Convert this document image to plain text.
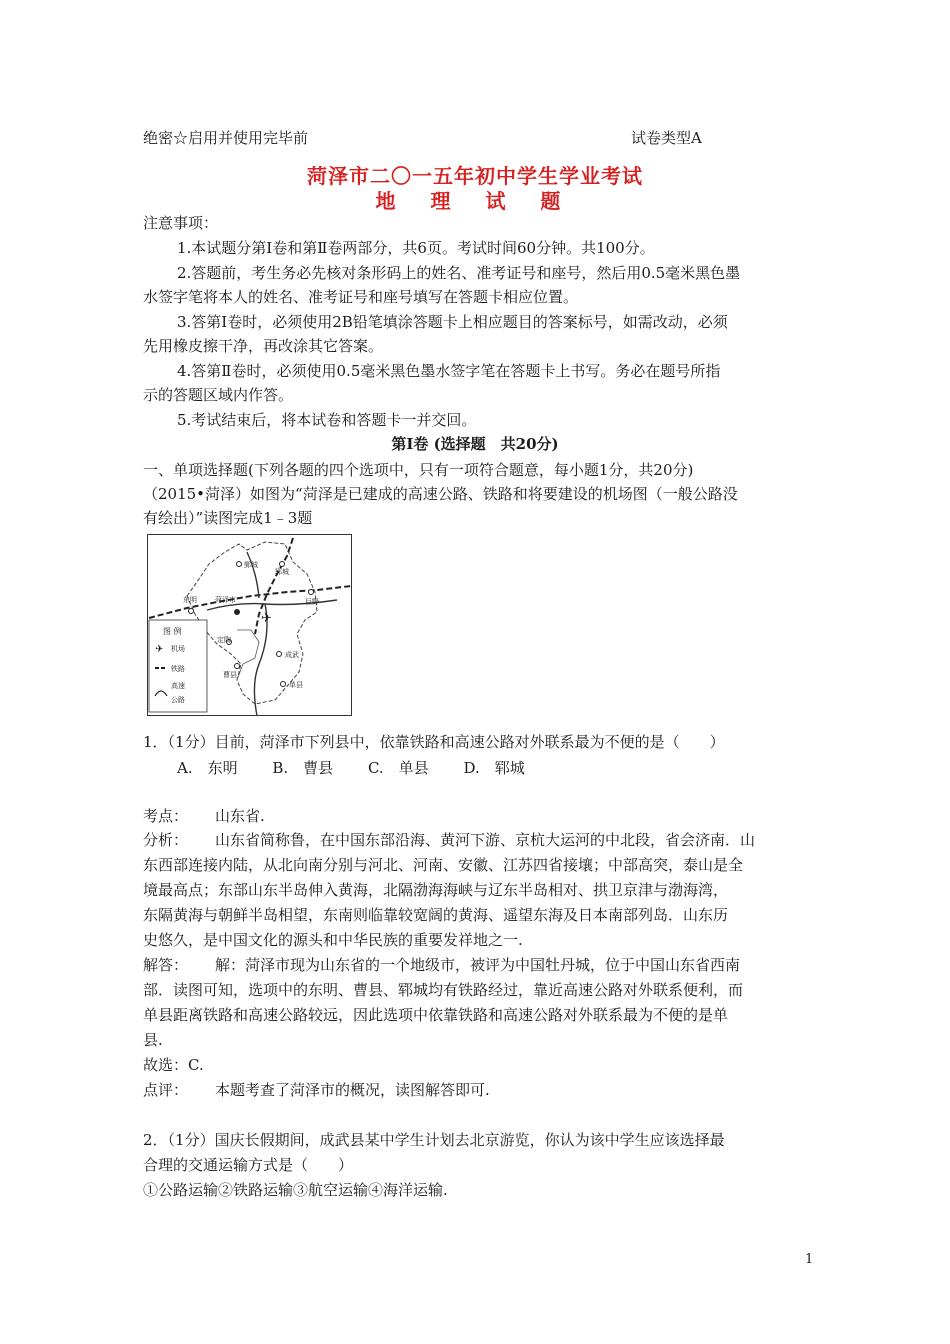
绝密☆启用并使用完毕前	试卷类型A
菏泽市二〇一五年初中学生学业考试
地 理 试 题
注意事项：
1.本试题分第Ⅰ卷和第Ⅱ卷两部分，共6页。考试时间60分钟。共100分。
2.答题前，考生务必先核对条形码上的姓名、准考证号和座号，然后用0.5毫米黑色墨
水签字笔将本人的姓名、准考证号和座号填写在答题卡相应位置。
3.答第Ⅰ卷时，必须使用2B铅笔填涂答题卡上相应题目的答案标号，如需改动，必须
先用橡皮擦干净，再改涂其它答案。
4.答第Ⅱ卷时，必须使用0.5毫米黑色墨水签字笔在答题卡上书写。务必在题号所指
示的答题区域内作答。
5.考试结束后，将本试卷和答题卡一并交回。
第Ⅰ卷 (选择题　共20分)
一、单项选择题(下列各题的四个选项中，只有一项符合题意，每小题1分，共20分)
（2015•菏泽）如图为“菏泽是已建成的高速公路、铁路和将要建设的机场图（一般公路没
有绘出）”读图完成1﹣3题
✈
鄄城
郓城
东明	菏泽市	巨野
定陶
成武
曹县
单县
图 例
✈ 机场
铁路
高速
公路
1．（1分）目前，菏泽市下列县中，依靠铁路和高速公路对外联系最为不便的是（　　）
A.　东明 B.　曹县 C.　单县 D.　郓城
考点： 山东省.
分析： 山东省简称鲁，在中国东部沿海、黄河下游、京杭大运河的中北段，省会济南．山
东西部连接内陆，从北向南分别与河北、河南、安徽、江苏四省接壤；中部高突，泰山是全
境最高点；东部山东半岛伸入黄海，北隔渤海海峡与辽东半岛相对、拱卫京津与渤海湾，
东隔黄海与朝鲜半岛相望，东南则临靠较宽阔的黄海、遥望东海及日本南部列岛．山东历
史悠久，是中国文化的源头和中华民族的重要发祥地之一.
解答： 解：菏泽市现为山东省的一个地级市，被评为中国牡丹城，位于中国山东省西南
部．读图可知，选项中的东明、曹县、郓城均有铁路经过，靠近高速公路对外联系便利，而
单县距离铁路和高速公路较远，因此选项中依靠铁路和高速公路对外联系最为不便的是单
县.
故选：C.
点评： 本题考查了菏泽市的概况，读图解答即可.
2．（1分）国庆长假期间，成武县某中学生计划去北京游览，你认为该中学生应该选择最
合理的交通运输方式是（　　）
①公路运输②铁路运输③航空运输④海洋运输.
1
